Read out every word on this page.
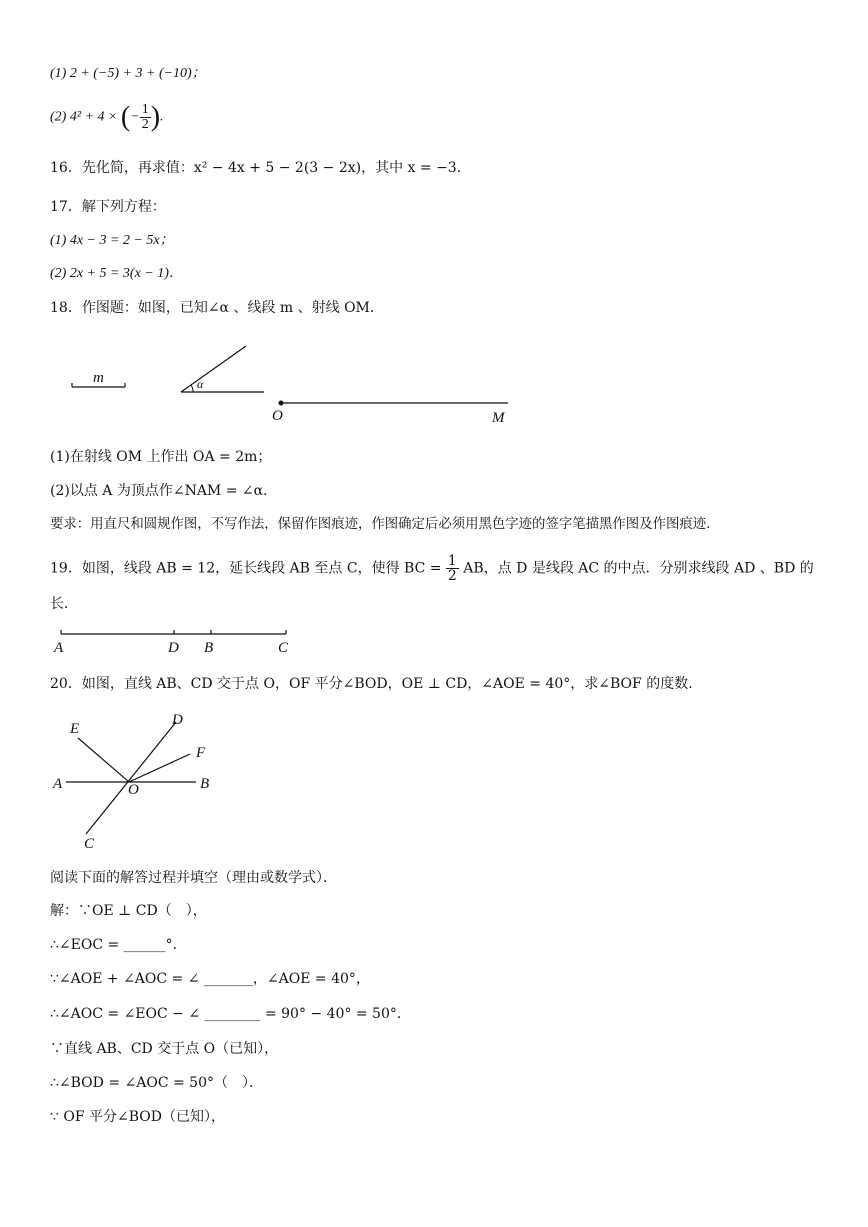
(1) 2 + (−5) + 3 + (−10)；
(2) 4² + 4 × (− $\frac{1}{2}$ ).
16．先化简，再求值：x² − 4x + 5 − 2(3 − 2x)，其中 x = −3．
17．解下列方程：
(1) 4x − 3 = 2 − 5x；
(2) 2x + 5 = 3(x − 1)．
18．作图题：如图，已知∠α 、线段 m 、射线 OM．
m	α
O	M
(1)在射线 OM 上作出 OA = 2m；
(2)以点 A 为顶点作∠NAM = ∠α．
要求：用直尺和圆规作图，不写作法，保留作图痕迹，作图确定后必须用黑色字迹的签字笔描黑作图及作图痕迹.
19．如图，线段 AB = 12，延长线段 AB 至点 C，使得 BC = $\frac{1}{2}$ AB，点 D 是线段 AC 的中点．分别求线段 AD 、BD 的
长．
A	D B	C
20．如图，直线 AB、CD 交于点 O，OF 平分∠BOD，OE ⊥ CD，∠AOE = 40°，求∠BOF 的度数．
E
D
F
A	O	B
C
阅读下面的解答过程并填空（理由或数学式）．
解：∵OE ⊥ CD（　），
∴∠EOC = ______°．
∵∠AOE + ∠AOC = ∠ _______，∠AOE = 40°，
∴∠AOC = ∠EOC − ∠ ________ = 90° − 40° = 50°．
∵直线 AB、CD 交于点 O（已知），
∴∠BOD = ∠AOC = 50°（　）．
∵ OF 平分∠BOD（已知），
